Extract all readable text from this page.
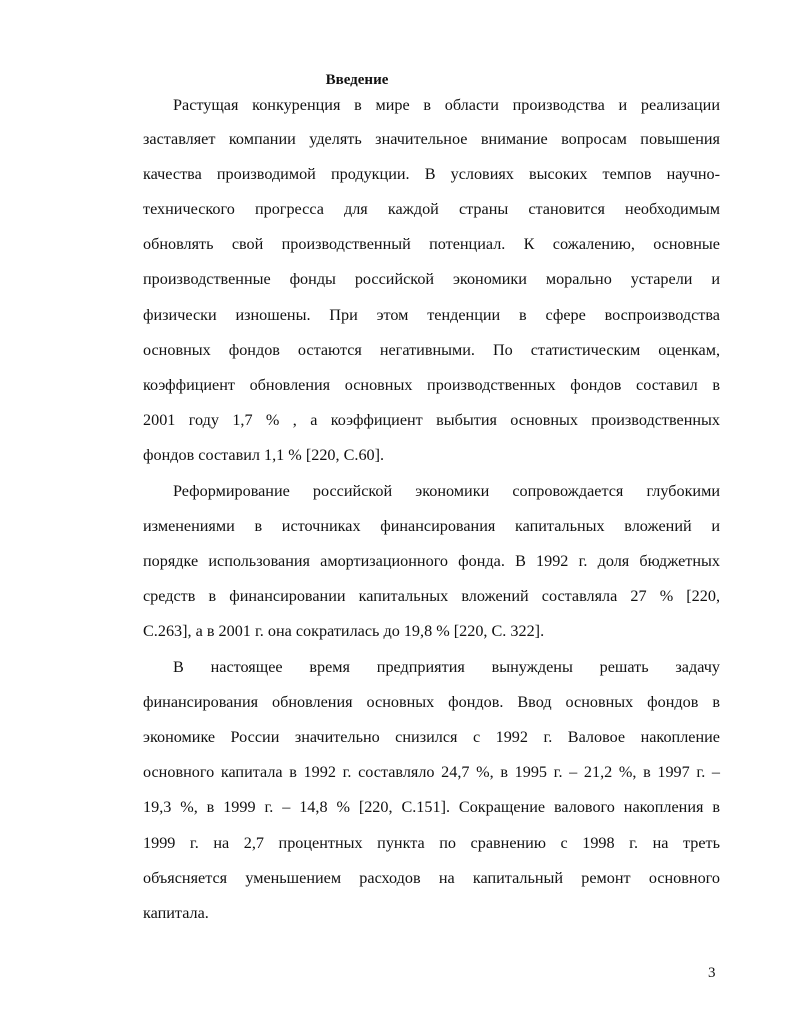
Введение
Растущая конкуренция в мире в области производства и реализации
заставляет компании уделять значительное внимание вопросам повышения
качества производимой продукции. В условиях высоких темпов научно-
технического прогресса для каждой страны становится необходимым
обновлять свой производственный потенциал. К сожалению, основные
производственные фонды российской экономики морально устарели и
физически изношены. При этом тенденции в сфере воспроизводства
основных фондов остаются негативными. По статистическим оценкам,
коэффициент обновления основных производственных фондов составил в
2001 году 1,7 % , а коэффициент выбытия основных производственных
фондов составил 1,1 % [220, С.60].
Реформирование российской экономики сопровождается глубокими
изменениями в источниках финансирования капитальных вложений и
порядке использования амортизационного фонда. В 1992 г. доля бюджетных
средств в финансировании капитальных вложений составляла 27 % [220,
С.263], а в 2001 г. она сократилась до 19,8 % [220, С. 322].
В настоящее время предприятия вынуждены решать задачу
финансирования обновления основных фондов. Ввод основных фондов в
экономике России значительно снизился с 1992 г. Валовое накопление
основного капитала в 1992 г. составляло 24,7 %, в 1995 г. – 21,2 %, в 1997 г. –
19,3 %, в 1999 г. – 14,8 % [220, С.151]. Сокращение валового накопления в
1999 г. на 2,7 процентных пункта по сравнению с 1998 г. на треть
объясняется уменьшением расходов на капитальный ремонт основного
капитала.
3
